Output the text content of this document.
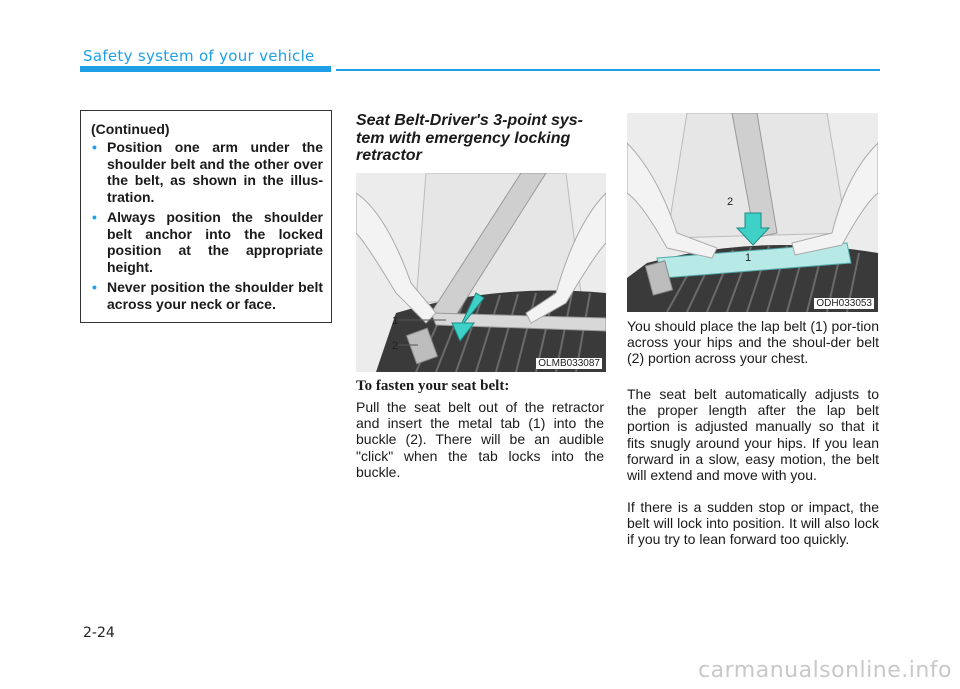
Safety system of your vehicle
(Continued)
• Position one arm under the shoulder belt and the other over the belt, as shown in the illus-tration.
• Always position the shoulder belt anchor into the locked position at the appropriate height.
• Never position the shoulder belt across your neck or face.
Seat Belt-Driver's 3-point sys-tem with emergency locking retractor
1
2
OLMB033087
2
1
ODH033053
To fasten your seat belt:

Pull the seat belt out of the retractor and insert the metal tab (1) into the buckle (2). There will be an audible "click" when the tab locks into the buckle.

You should place the lap belt (1) por-tion across your hips and the shoul-der belt (2) portion across your chest.

The seat belt automatically adjusts to the proper length after the lap belt portion is adjusted manually so that it fits snugly around your hips. If you lean forward in a slow, easy motion, the belt will extend and move with you.

If there is a sudden stop or impact, the belt will lock into position. It will also lock if you try to lean forward too quickly.

2-24
carmanualsonline.info
